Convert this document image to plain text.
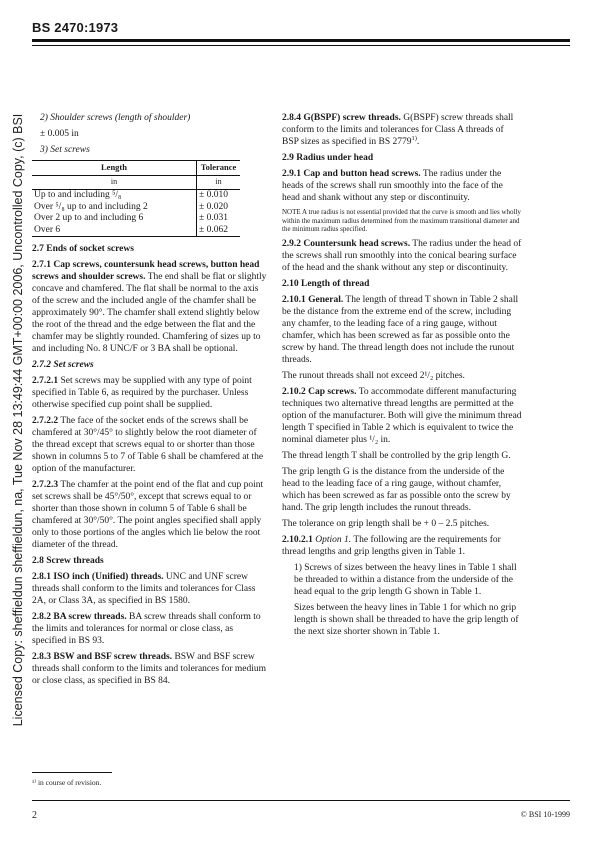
Licensed Copy: sheffieldun sheffieldun, na, Tue Nov 28 13:49:44 GMT+00:00 2006, Uncontrolled Copy, (c) BSI
BS 2470:1973

2) Shoulder screws (length of shoulder)

± 0.005 in

3) Set screws

Length	Tolerance
in	in
Up to and including ⁵/₈	± 0.010
Over ⁵/₈ up to and including 2	± 0.020
Over 2 up to and including 6	± 0.031
Over 6	± 0.062

2.7 Ends of socket screws

2.7.1 Cap screws, countersunk head screws, button head screws and shoulder screws. The end shall be flat or slightly concave and chamfered. The flat shall be normal to the axis of the screw and the included angle of the chamfer shall be approximately 90°. The chamfer shall extend slightly below the root of the thread and the edge between the flat and the chamfer may be slightly rounded. Chamfering of sizes up to and including No. 8 UNC/F or 3 BA shall be optional.

2.7.2 Set screws

2.7.2.1 Set screws may be supplied with any type of point specified in Table 6, as required by the purchaser. Unless otherwise specified cup point shall be supplied.

2.7.2.2 The face of the socket ends of the screws shall be chamfered at 30°/45° to slightly below the root diameter of the thread except that screws equal to or shorter than those shown in columns 5 to 7 of Table 6 shall be chamfered at the option of the manufacturer.

2.7.2.3 The chamfer at the point end of the flat and cup point set screws shall be 45°/50°, except that screws equal to or shorter than those shown in column 5 of Table 6 shall be chamfered at 30°/50°. The point angles specified shall apply only to those portions of the angles which lie below the root diameter of the thread.

2.8 Screw threads

2.8.1 ISO inch (Unified) threads. UNC and UNF screw threads shall conform to the limits and tolerances for Class 2A, or Class 3A, as specified in BS 1580.

2.8.2 BA screw threads. BA screw threads shall conform to the limits and tolerances for normal or close class, as specified in BS 93.

2.8.3 BSW and BSF screw threads. BSW and BSF screw threads shall conform to the limits and tolerances for medium or close class, as specified in BS 84.

2.8.4 G(BSPF) screw threads. G(BSPF) screw threads shall conform to the limits and tolerances for Class A threads of BSP sizes as specified in BS 2779$^{1)}$.

2.9 Radius under head

2.9.1 Cap and button head screws. The radius under the heads of the screws shall run smoothly into the face of the head and shank without any step or discontinuity.

NOTE A true radius is not essential provided that the curve is smooth and lies wholly within the maximum radius determined from the maximum transitional diameter and the minimum radius specified.

2.9.2 Countersunk head screws. The radius under the head of the screws shall run smoothly into the conical bearing surface of the head and the shank without any step or discontinuity.

2.10 Length of thread

2.10.1 General. The length of thread T shown in Table 2 shall be the distance from the extreme end of the screw, including any chamfer, to the leading face of a ring gauge, without chamfer, which has been screwed as far as possible onto the screw by hand. The thread length does not include the runout threads.

The runout threads shall not exceed 2¹/₂ pitches.

2.10.2 Cap screws. To accommodate different manufacturing techniques two alternative thread lengths are permitted at the option of the manufacturer. Both will give the minimum thread length T specified in Table 2 which is equivalent to twice the nominal diameter plus ¹/₂ in.

The thread length T shall be controlled by the grip length G.

The grip length G is the distance from the underside of the head to the leading face of a ring gauge, without chamfer, which has been screwed as far as possible onto the screw by hand. The grip length includes the runout threads.

The tolerance on grip length shall be + 0 – 2.5 pitches.

2.10.2.1 Option 1. The following are the requirements for thread lengths and grip lengths given in Table 1.

1) Screws of sizes between the heavy lines in Table 1 shall be threaded to within a distance from the underside of the head equal to the grip length G shown in Table 1.

Sizes between the heavy lines in Table 1 for which no grip length is shown shall be threaded to have the grip length of the next size shorter shown in Table 1.

¹⁾ in course of revision.
2	© BSI 10-1999
